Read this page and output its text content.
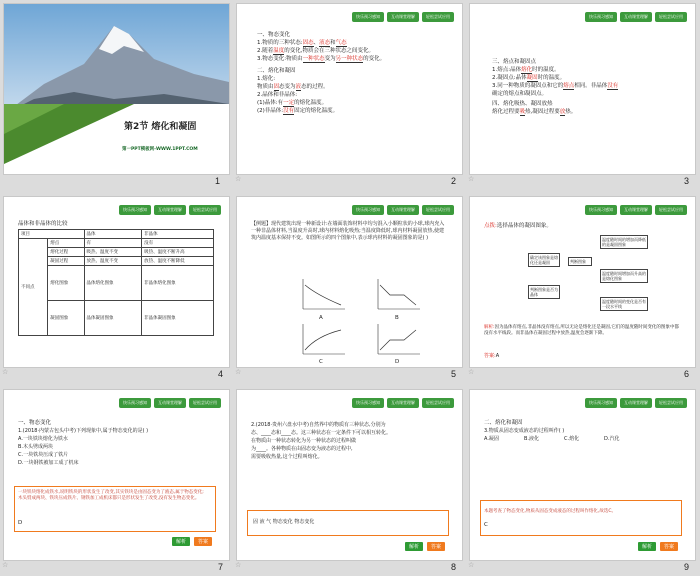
第2节 熔化和凝固
第一PPT模板网-WWW.1PPT.COM
1
快乐预习感知	互动课堂理解	轻松尝试应用
一、物态变化
1.物质的三种状态:固态、液态和气态
2.随着温度的变化,物质会在三种状态之间变化。
3.物态变化:物质由一种状态变为另一种状态的变化。
二、熔化和凝固
1.熔化:
物质由固态变为液态的过程。
2.晶体和非晶体:
(1)晶体:有一定的熔化温度。
(2)非晶体:没有固定的熔化温度。
☆	2
快乐预习感知	互动课堂理解	轻松尝试应用
三、熔点和凝固点
1.熔点:晶体熔化时的温度。
2.凝固点:晶体凝固时的温度。
3.同一种物质的凝固点和它的熔点相同。非晶体没有
确定的熔点和凝固点。
四、熔化吸热、凝固放热
熔化过程要吸热,凝固过程要放热。
☆	3
快乐预习感知	互动课堂理解	轻松尝试应用
晶体和非晶体的比较
项目		晶体	非晶体
不同点	熔点	有	没有
	熔化过程	吸热、温度不变	吸热、温度不断升高
	凝固过程	放热、温度不变	放热、温度不断降低
	熔化图象	晶体熔化图象	非晶体熔化图象
	凝固图象	晶体凝固图象	非晶体凝固图象
☆	4
快乐预习感知	互动课堂理解	轻松尝试应用
【例题】现代建筑出现一种新设计:在墙面装饰材料中均匀混入小颗粒状的小球,球内充入一种非晶体材料,当温度升高时,球内材料熔化吸热;当温度降低时,球内材料凝固放热,使建筑内温度基本保持不变。如图所示的四个图象中,表示球内材料的凝固图象的是( )
A	B
C	D
☆	5
快乐预习感知	互动课堂理解	轻松尝试应用
点拨:选择晶体的凝固图象。
温度随时间的增加而降低的是凝固图象
温度随时间增加而升高的是熔化图象
判断图象
确定该图象是熔化还是凝固
判断图象是否为晶体
温度随时间的变化是否有一段水平线
解析:因为晶体有熔点,非晶体没有熔点,所以无论是熔化还是凝固,它们的温度随时间变化的图象中都没有水平线段。而非晶体在凝固过程中放热,温度会逐渐下降。
答案:A
☆	6
快乐预习感知	互动课堂理解	轻松尝试应用
一、物态变化
1.(2018·内蒙古包头中考)下列现象中,属于物态变化的是( )
A.一块铁块熔化为铁水
B.木头劈成两块
C.一块铁块压成了铁片
D.一块钢铁被加工成了机床
一块铁块熔化成铁水,说明铁块的形状发生了改变,其实铁块是由固态变为了液态,属于物态变化;木头劈成两块、铁块压成铁片、钢铁加工成机床都只是形状发生了改变,没有发生物态变化。
D
解析	答案
☆	7
快乐预习感知	互动课堂理解	轻松尝试应用
2.(2018·贵州六盘水中考)自然界中的物质有三种状态,分别为
态、____态和____态。这三种状态在一定条件下可以相互转化。
在物质由一种状态转化为另一种状态的过程叫做
为____。各种物质在由固态变为液态的过程中,
需要吸收热量,这个过程叫熔化。
固 液 气 物态变化 物态变化
解析	答案
☆	8
快乐预习感知	互动课堂理解	轻松尝试应用
二、熔化和凝固
3.物质从固态变成液态的过程叫作( )
A.凝固	B.液化	C.熔化	D.汽化
本题考查了物态变化,物质从固态变成液态的过程叫作熔化,故选C。
C
解析	答案
☆	9
